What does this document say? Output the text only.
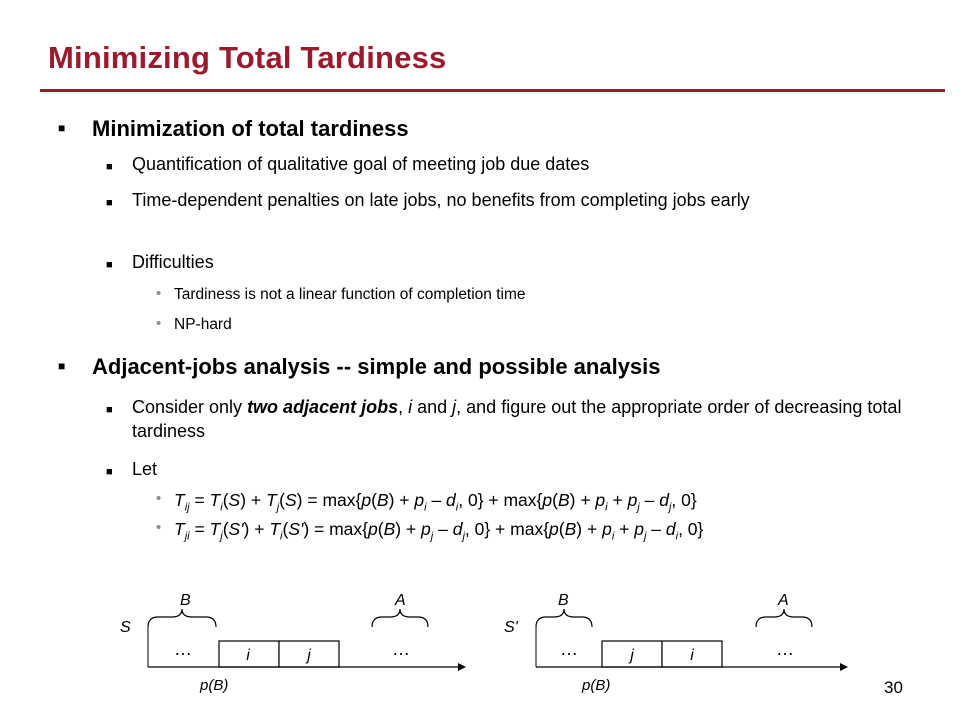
Minimizing Total Tardiness
■ Minimization of total tardiness
■ Quantification of qualitative goal of meeting job due dates
■ Time-dependent penalties on late jobs, no benefits from completing jobs early
■ Difficulties
• Tardiness is not a linear function of completion time
• NP-hard
■ Adjacent-jobs analysis -- simple and possible analysis
■ Consider only two adjacent jobs, i and j, and figure out the appropriate order of decreasing total tardiness
■ Let
• $T_{ij} = T_i(S) + T_j(S) = \max\{p(B) + p_i - d_i$, $0\} + \max\{p(B) + p_i + p_j - d_j$, 0}
• $T_{ji} = T_j(S') + T_i(S') = \max\{p(B) + p_j - d_j$, $0\} + \max\{p(B) + p_i + p_j - d_i$, 0}
B	A
S
…	…
i	j
p(B)
B	A
S'
…	…
j	i
p(B)	30
